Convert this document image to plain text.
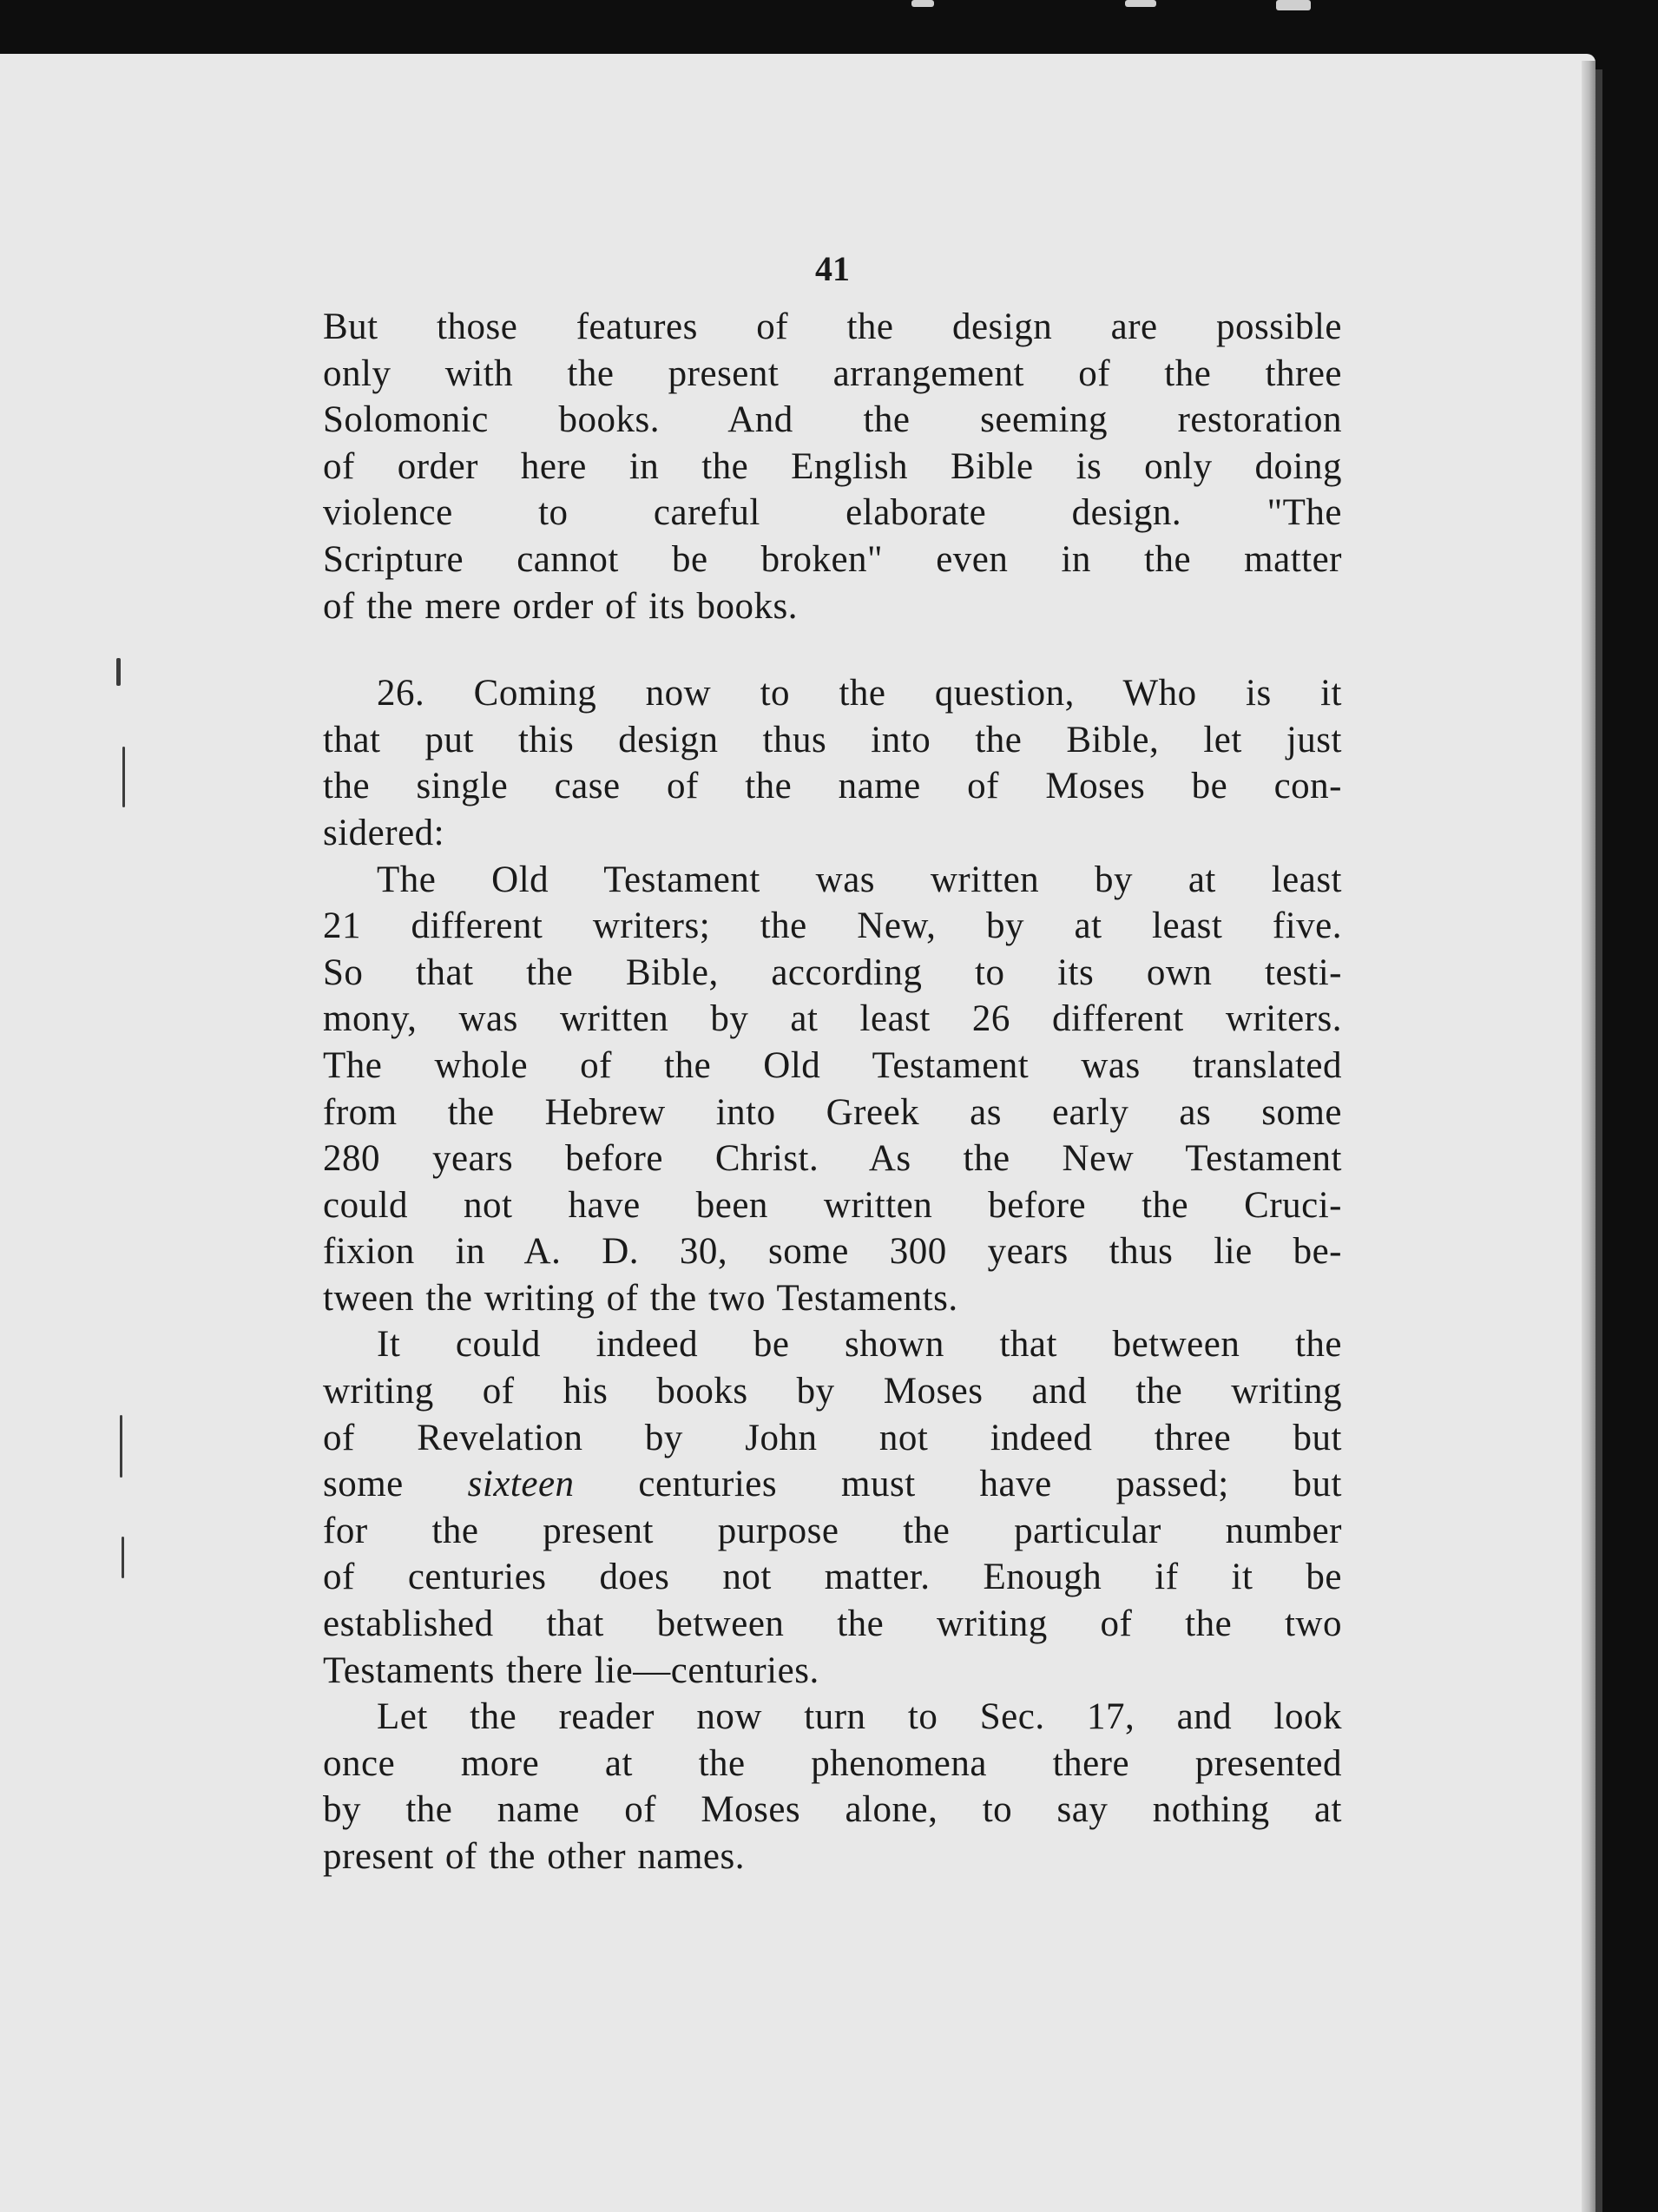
41

But those features of the design are possible
only with the present arrangement of the three
Solomonic books. And the seeming restoration
of order here in the English Bible is only doing
violence to careful elaborate design. "The
Scripture cannot be broken" even in the matter
of the mere order of its books.

26. Coming now to the question, Who is it
that put this design thus into the Bible, let just
the single case of the name of Moses be con-
sidered:

The Old Testament was written by at least
21 different writers; the New, by at least five.
So that the Bible, according to its own testi-
mony, was written by at least 26 different writers.
The whole of the Old Testament was translated
from the Hebrew into Greek as early as some
280 years before Christ. As the New Testament
could not have been written before the Cruci-
fixion in A. D. 30, some 300 years thus lie be-
tween the writing of the two Testaments.

It could indeed be shown that between the
writing of his books by Moses and the writing
of Revelation by John not indeed three but
some sixteen centuries must have passed; but
for the present purpose the particular number
of centuries does not matter. Enough if it be
established that between the writing of the two
Testaments there lie—centuries.

Let the reader now turn to Sec. 17, and look
once more at the phenomena there presented
by the name of Moses alone, to say nothing at
present of the other names.
